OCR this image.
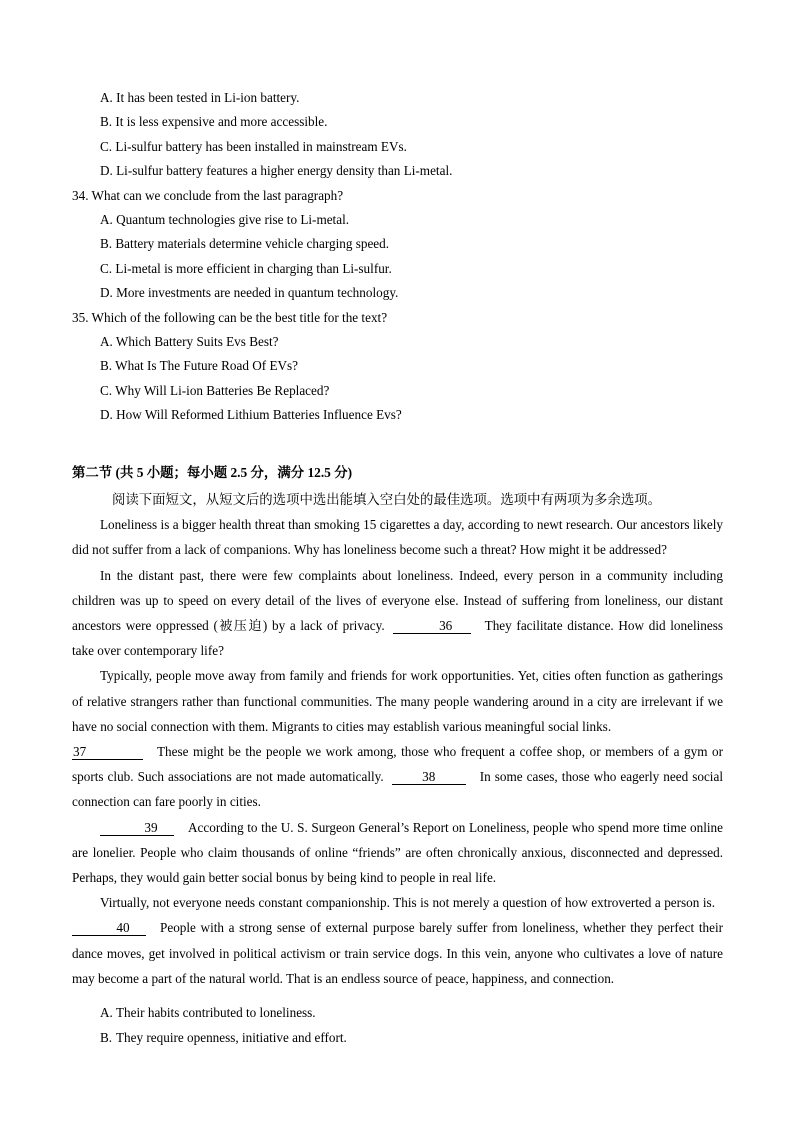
A. It has been tested in Li-ion battery.
B. It is less expensive and more accessible.
C. Li-sulfur battery has been installed in mainstream EVs.
D. Li-sulfur battery features a higher energy density than Li-metal.
34. What can we conclude from the last paragraph?
A. Quantum technologies give rise to Li-metal.
B. Battery materials determine vehicle charging speed.
C. Li-metal is more efficient in charging than Li-sulfur.
D. More investments are needed in quantum technology.
35. Which of the following can be the best title for the text?
A. Which Battery Suits Evs Best?
B. What Is The Future Road Of EVs?
C. Why Will Li-ion Batteries Be Replaced?
D. How Will Reformed Lithium Batteries Influence Evs?
第二节 (共 5 小题；每小题 2.5 分，满分 12.5 分)
阅读下面短文，从短文后的选项中选出能填入空白处的最佳选项。选项中有两项为多余选项。

Loneliness is a bigger health threat than smoking 15 cigarettes a day, according to newt research. Our ancestors likely did not suffer from a lack of companions. Why has loneliness become such a threat? How might it be addressed?

In the distant past, there were few complaints about loneliness. Indeed, every person in a community including children was up to speed on every detail of the lives of everyone else. Instead of suffering from loneliness, our distant ancestors were oppressed (被压迫) by a lack of privacy.	36 They facilitate distance. How did loneliness take over contemporary life?

Typically, people move away from family and friends for work opportunities. Yet, cities often function as gatherings of relative strangers rather than functional communities. The many people wandering around in a city are irrelevant if we have no social connection with them. Migrants to cities may establish various meaningful social links.

37	These might be the people we work among, those who frequent a coffee shop, or members of a gym or sports club. Such associations are not made automatically.	38	In some cases, those who eagerly need social connection can fare poorly in cities.

39 According to the U. S. Surgeon General’s Report on Loneliness, people who spend more time online are lonelier. People who claim thousands of online “friends” are often chronically anxious, disconnected and depressed. Perhaps, they would gain better social bonus by being kind to people in real life.

Virtually, not everyone needs constant companionship. This is not merely a question of how extroverted a person is.40 People with a strong sense of external purpose barely suffer from loneliness, whether they perfect their dance moves, get involved in political activism or train service dogs. In this vein, anyone who cultivates a love of nature may become a part of the natural world. That is an endless source of peace, happiness, and connection.

A. Their habits contributed to loneliness.
B. They require openness, initiative and effort.
